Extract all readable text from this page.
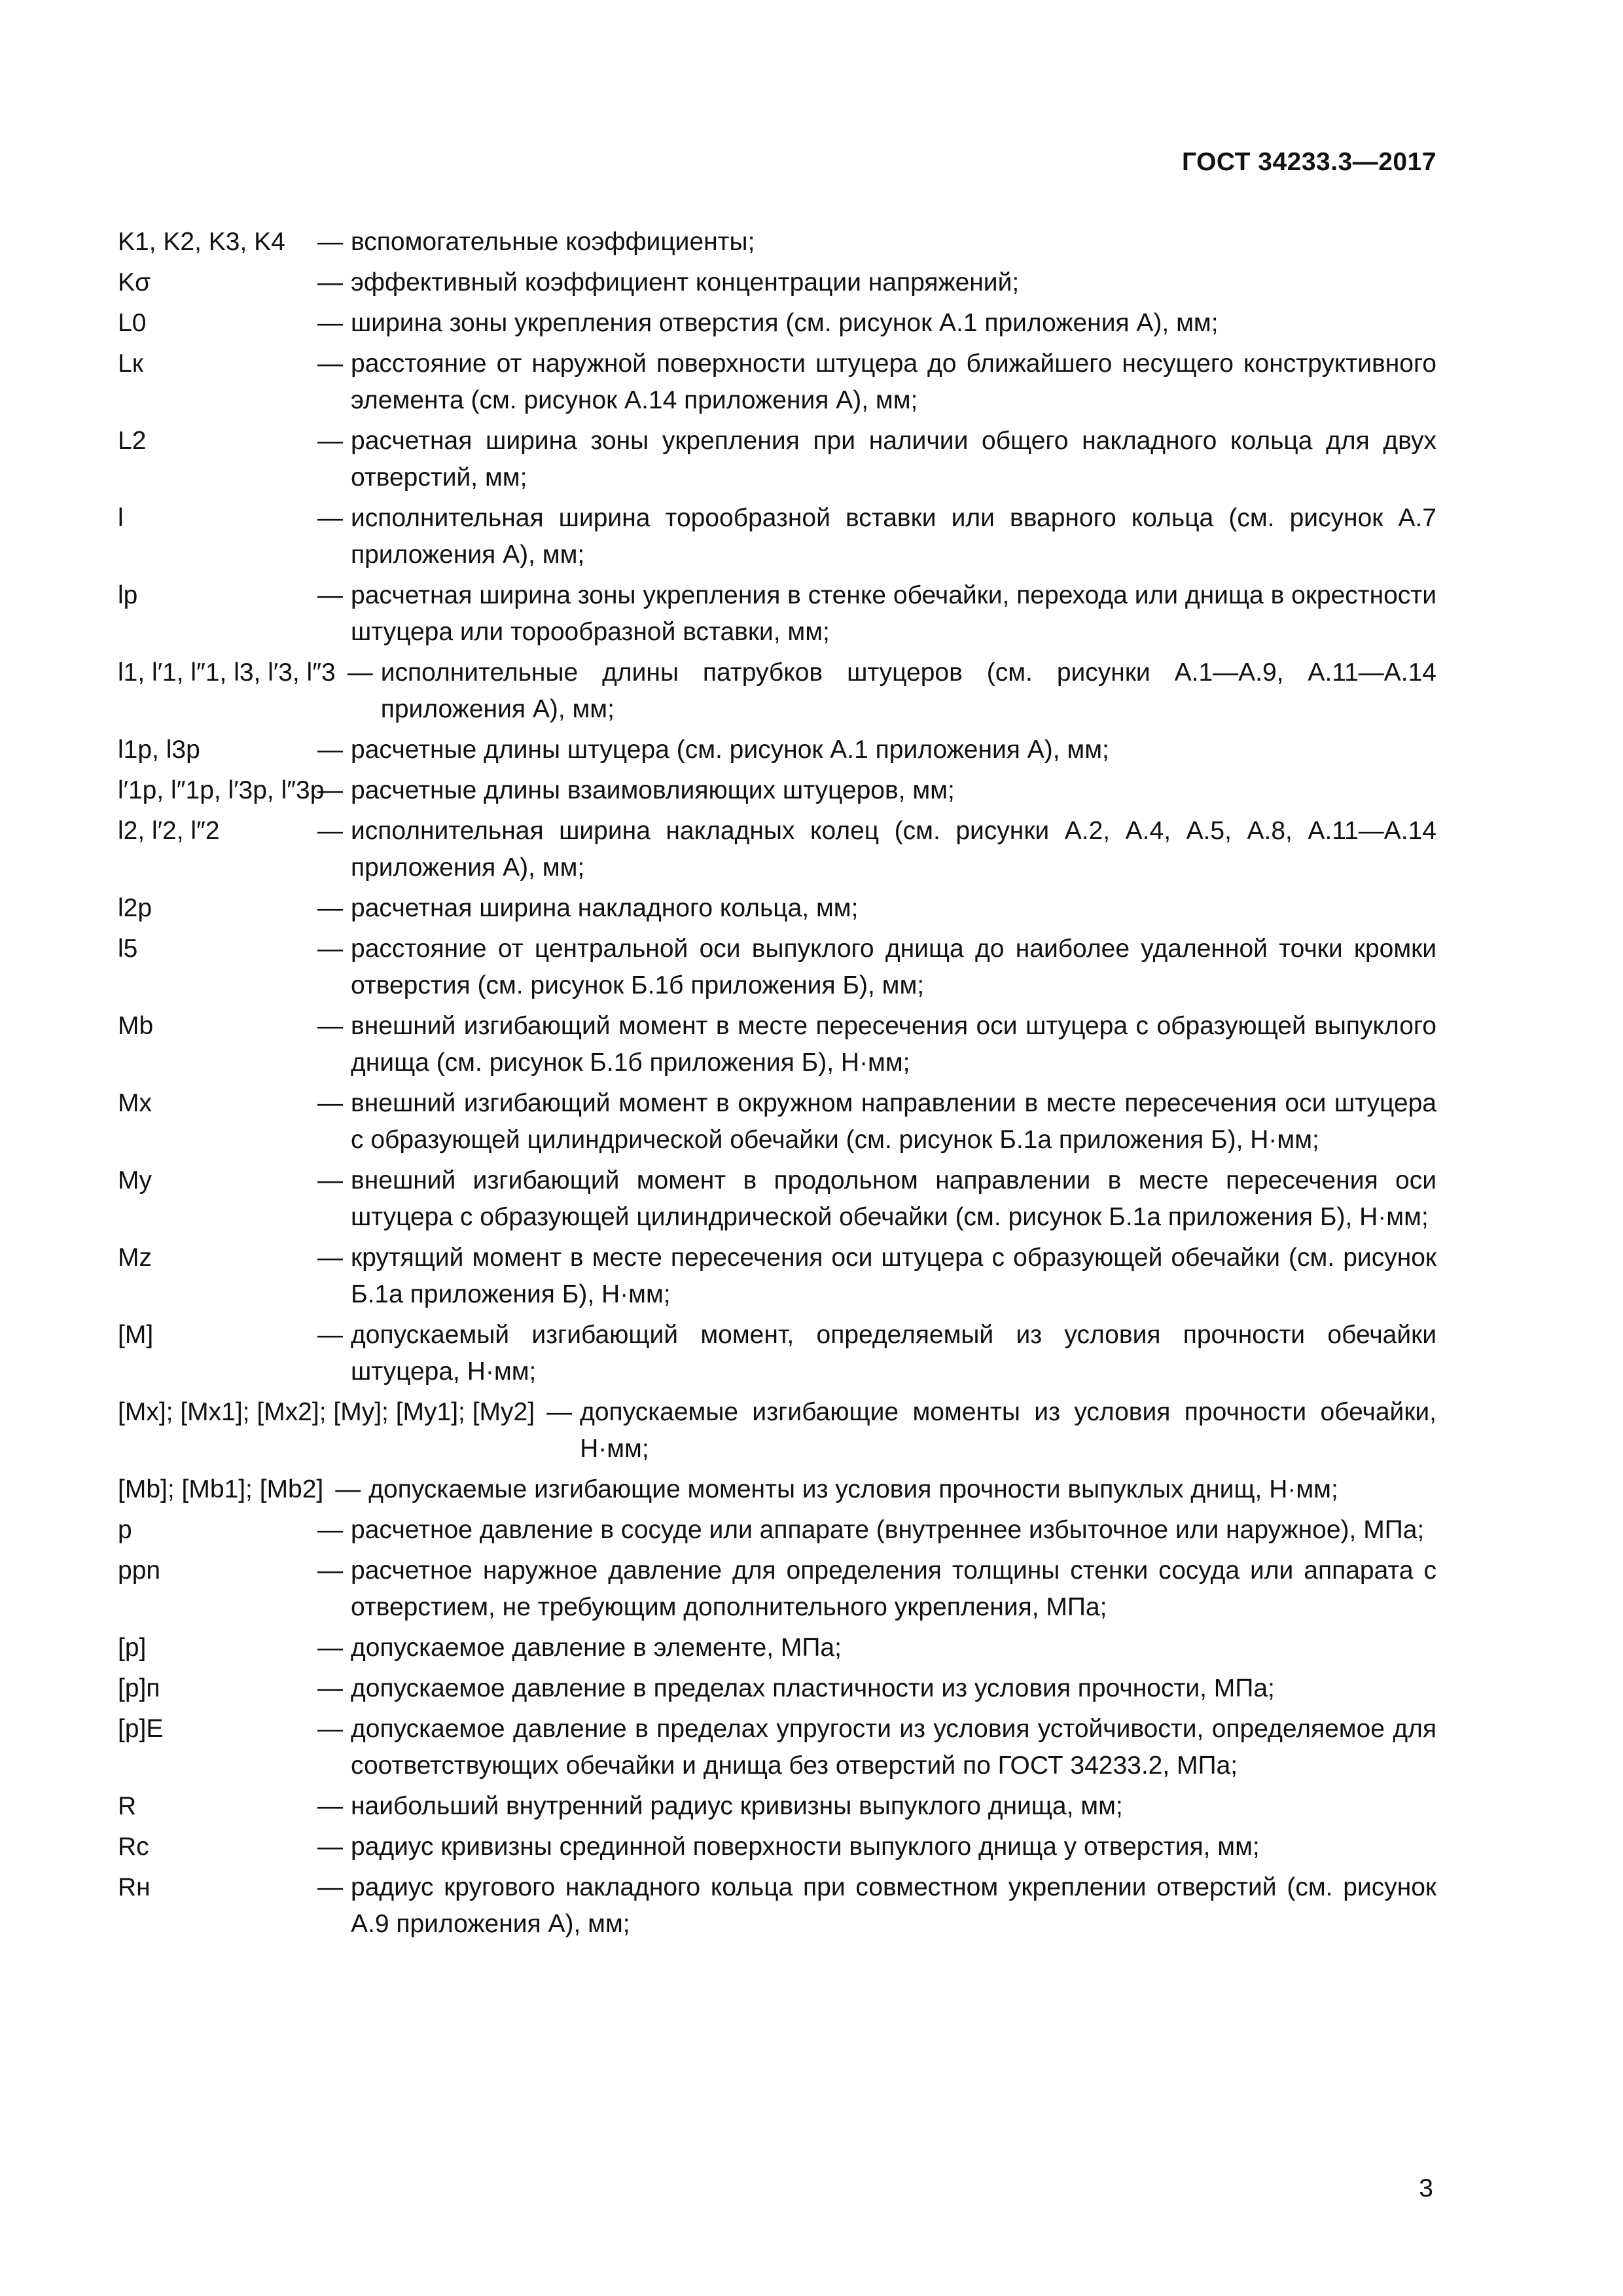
ГОСТ 34233.3—2017
K1, K2, K3, K4	— вспомогательные коэффициенты;
Kσ	— эффективный коэффициент концентрации напряжений;
L0	— ширина зоны укрепления отверстия (см. рисунок А.1 приложения А), мм;
Lк	— расстояние от наружной поверхности штуцера до ближайшего несущего конструктивного элемента (см. рисунок А.14 приложения А), мм;
L2	— расчетная ширина зоны укрепления при наличии общего накладного кольца для двух отверстий, мм;
l	— исполнительная ширина торообразной вставки или вварного кольца (см. рисунок А.7 приложения А), мм;
lр	— расчетная ширина зоны укрепления в стенке обечайки, перехода или днища в окрестности штуцера или торообразной вставки, мм;
l1, l′1, l″1, l3, l′3, l″3 — исполнительные длины патрубков штуцеров (см. рисунки А.1—А.9, А.11—А.14 приложения А), мм;
l1р, l3р	— расчетные длины штуцера (см. рисунок А.1 приложения А), мм;
l′1р, l″1р, l′3р, l″3р
— расчетные длины взаимовлияющих штуцеров, мм;
l2, l′2, l″2	— исполнительная ширина накладных колец (см. рисунки А.2, А.4, А.5, А.8, А.11—А.14 приложения А), мм;
l2р	— расчетная ширина накладного кольца, мм;
l5	— расстояние от центральной оси выпуклого днища до наиболее удаленной точки кромки отверстия (см. рисунок Б.1б приложения Б), мм;
Mb	— внешний изгибающий момент в месте пересечения оси штуцера с образующей выпуклого днища (см. рисунок Б.1б приложения Б), Н·мм;
Mx	— внешний изгибающий момент в окружном направлении в месте пересечения оси штуцера с образующей цилиндрической обечайки (см. рисунок Б.1а приложения Б), Н·мм;
My	— внешний изгибающий момент в продольном направлении в месте пересечения оси штуцера с образующей цилиндрической обечайки (см. рисунок Б.1а приложения Б), Н·мм;
Mz	— крутящий момент в месте пересечения оси штуцера с образующей обечайки (см. рисунок Б.1а приложения Б), Н·мм;
[M]	— допускаемый изгибающий момент, определяемый из условия прочности обечайки штуцера, Н·мм;
[Mx]; [Mx1]; [Mx2]; [My]; [My1]; [My2] — допускаемые изгибающие моменты из условия прочности обечайки, Н·мм;
[Mb]; [Mb1]; [Mb2] — допускаемые изгибающие моменты из условия прочности выпуклых днищ, Н·мм;
p	— расчетное давление в сосуде или аппарате (внутреннее избыточное или наружное), МПа;
ppn	— расчетное наружное давление для определения толщины стенки сосуда или аппарата с отверстием, не требующим дополнительного укрепления, МПа;
[p]	— допускаемое давление в элементе, МПа;
[p]п	— допускаемое давление в пределах пластичности из условия прочности, МПа;
[p]E	— допускаемое давление в пределах упругости из условия устойчивости, определяемое для соответствующих обечайки и днища без отверстий по ГОСТ 34233.2, МПа;
R	— наибольший внутренний радиус кривизны выпуклого днища, мм;
Rс	— радиус кривизны срединной поверхности выпуклого днища у отверстия, мм;
Rн	— радиус кругового накладного кольца при совместном укреплении отверстий (см. рисунок А.9 приложения А), мм;
3
